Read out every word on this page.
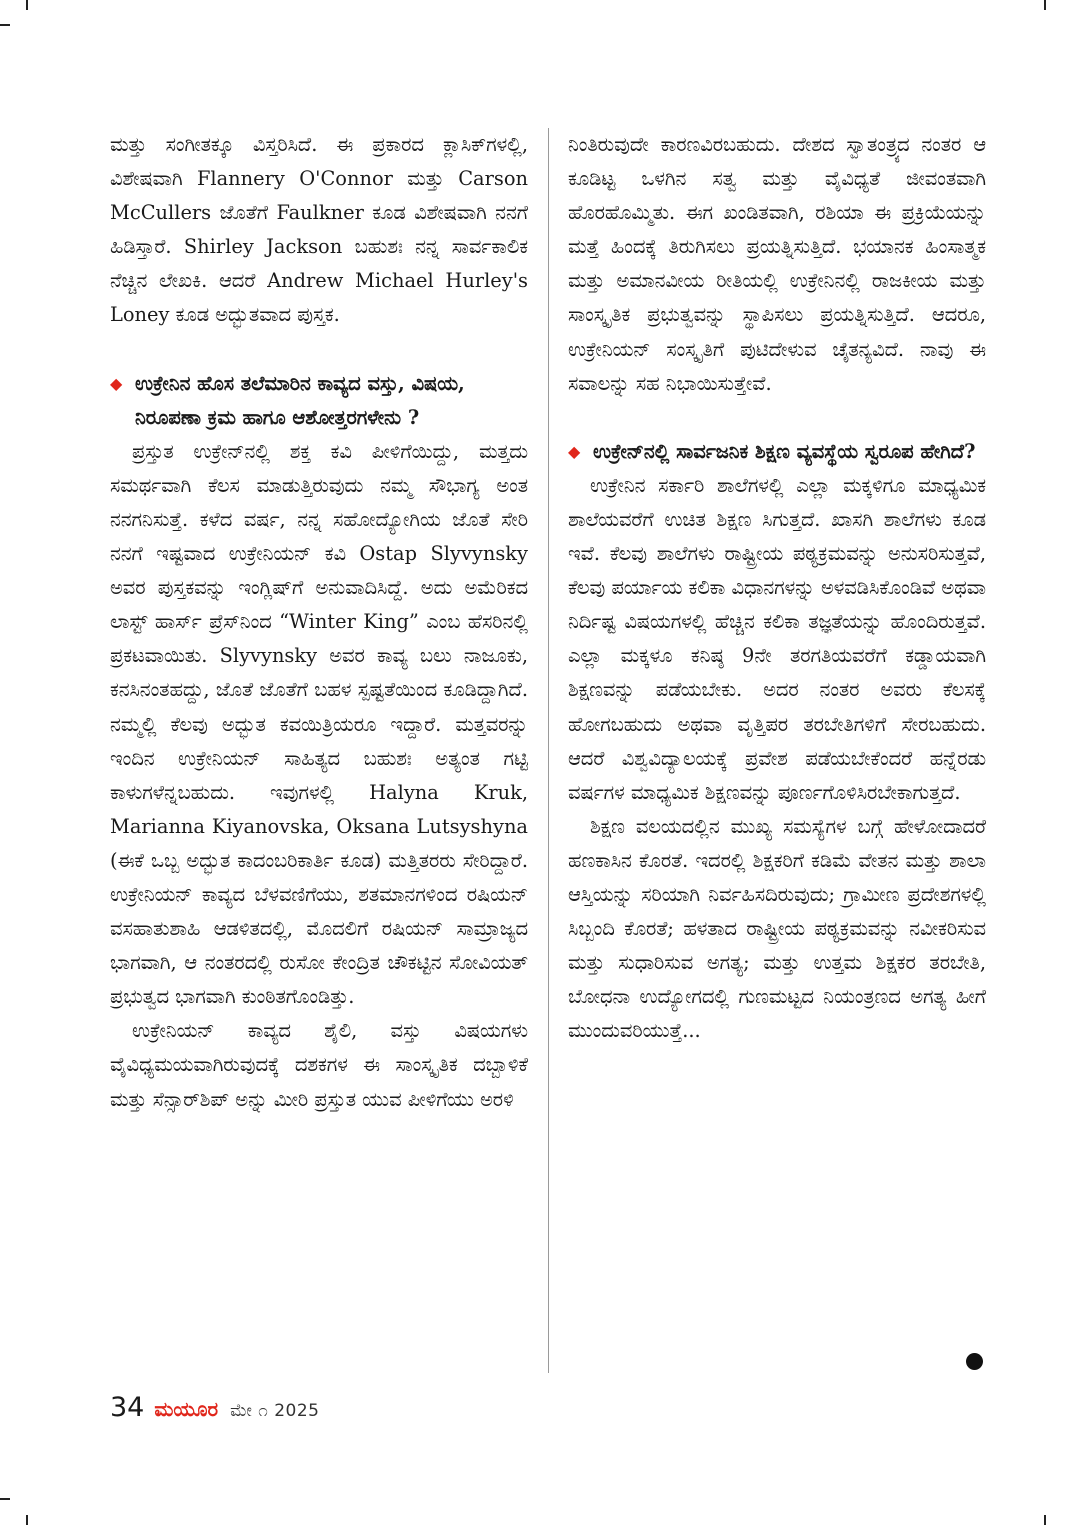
ಮತ್ತು ಸಂಗೀತಕ್ಕೂ ವಿಸ್ತರಿಸಿದೆ. ಈ ಪ್ರಕಾರದ ಕ್ಲಾಸಿಕ್‌ಗಳಲ್ಲಿ, ವಿಶೇಷವಾಗಿ Flannery O'Connor ಮತ್ತು Carson McCullers ಜೊತೆಗೆ Faulkner ಕೂಡ ವಿಶೇಷವಾಗಿ ನನಗೆ ಹಿಡಿಸ್ತಾರೆ. Shirley Jackson ಬಹುಶಃ ನನ್ನ ಸಾರ್ವಕಾಲಿಕ ನೆಚ್ಚಿನ ಲೇಖಕಿ. ಆದರೆ Andrew Michael Hurley's Loney ಕೂಡ ಅದ್ಭುತವಾದ ಪುಸ್ತಕ.

◆ ಉಕ್ರೇನಿನ ಹೊಸ ತಲೆಮಾರಿನ ಕಾವ್ಯದ ವಸ್ತು, ವಿಷಯ, ನಿರೂಪಣಾ ಕ್ರಮ ಹಾಗೂ ಆಶೋತ್ತರಗಳೇನು ?

ಪ್ರಸ್ತುತ ಉಕ್ರೇನ್‌ನಲ್ಲಿ ಶಕ್ತ ಕವಿ ಪೀಳಿಗೆಯಿದ್ದು, ಮತ್ತದು ಸಮರ್ಥವಾಗಿ ಕೆಲಸ ಮಾಡುತ್ತಿರುವುದು ನಮ್ಮ ಸೌಭಾಗ್ಯ ಅಂತ ನನಗನಿಸುತ್ತೆ. ಕಳೆದ ವರ್ಷ, ನನ್ನ ಸಹೋದ್ಯೋಗಿಯ ಜೊತೆ ಸೇರಿ ನನಗೆ ಇಷ್ಟವಾದ ಉಕ್ರೇನಿಯನ್ ಕವಿ Ostap Slyvynsky ಅವರ ಪುಸ್ತಕವನ್ನು ಇಂಗ್ಲಿಷ್‌ಗೆ ಅನುವಾದಿಸಿದ್ದೆ. ಅದು ಅಮೆರಿಕದ ಲಾಸ್ಟ್ ಹಾರ್ಸ್ ಪ್ರೆಸ್‌ನಿಂದ “Winter King” ಎಂಬ ಹೆಸರಿನಲ್ಲಿ ಪ್ರಕಟವಾಯಿತು. Slyvynsky ಅವರ ಕಾವ್ಯ ಬಲು ನಾಜೂಕು, ಕನಸಿನಂತಹದ್ದು, ಜೊತೆ ಜೊತೆಗೆ ಬಹಳ ಸ್ಪಷ್ಟತೆಯಿಂದ ಕೂಡಿದ್ದಾಗಿದೆ. ನಮ್ಮಲ್ಲಿ ಕೆಲವು ಅದ್ಭುತ ಕವಯಿತ್ರಿಯರೂ ಇದ್ದಾರೆ. ಮತ್ತವರನ್ನು ಇಂದಿನ ಉಕ್ರೇನಿಯನ್ ಸಾಹಿತ್ಯದ ಬಹುಶಃ ಅತ್ಯಂತ ಗಟ್ಟಿ ಕಾಳುಗಳೆನ್ನಬಹುದು. ಇವುಗಳಲ್ಲಿ Halyna Kruk, Marianna Kiyanovska, Oksana Lutsyshyna (ಈಕೆ ಒಬ್ಬ ಅದ್ಭುತ ಕಾದಂಬರಿಕಾರ್ತಿ ಕೂಡ) ಮತ್ತಿತರರು ಸೇರಿದ್ದಾರೆ. ಉಕ್ರೇನಿಯನ್ ಕಾವ್ಯದ ಬೆಳವಣಿಗೆಯು, ಶತಮಾನಗಳಿಂದ ರಷಿಯನ್ ವಸಹಾತುಶಾಹಿ ಆಡಳಿತದಲ್ಲಿ, ಮೊದಲಿಗೆ ರಷಿಯನ್ ಸಾಮ್ರಾಜ್ಯದ ಭಾಗವಾಗಿ, ಆ ನಂತರದಲ್ಲಿ ರುಸೋ ಕೇಂದ್ರಿತ ಚೌಕಟ್ಟಿನ ಸೋವಿಯತ್ ಪ್ರಭುತ್ವದ ಭಾಗವಾಗಿ ಕುಂಠಿತಗೊಂಡಿತ್ತು.

ಉಕ್ರೇನಿಯನ್ ಕಾವ್ಯದ ಶೈಲಿ, ವಸ್ತು ವಿಷಯಗಳು ವೈವಿಧ್ಯಮಯವಾಗಿರುವುದಕ್ಕೆ ದಶಕಗಳ ಈ ಸಾಂಸ್ಕೃತಿಕ ದಬ್ಬಾಳಿಕೆ ಮತ್ತು ಸೆನ್ಸಾರ್‌ಶಿಪ್ ಅನ್ನು ಮೀರಿ ಪ್ರಸ್ತುತ ಯುವ ಪೀಳಿಗೆಯು ಅರಳಿ

ನಿಂತಿರುವುದೇ ಕಾರಣವಿರಬಹುದು. ದೇಶದ ಸ್ವಾತಂತ್ರ್ಯದ ನಂತರ ಆ ಕೂಡಿಟ್ಟ ಒಳಗಿನ ಸತ್ವ ಮತ್ತು ವೈವಿಧ್ಯತೆ ಜೀವಂತವಾಗಿ ಹೊರಹೊಮ್ಮಿತು. ಈಗ ಖಂಡಿತವಾಗಿ, ರಶಿಯಾ ಈ ಪ್ರಕ್ರಿಯೆಯನ್ನು ಮತ್ತೆ ಹಿಂದಕ್ಕೆ ತಿರುಗಿಸಲು ಪ್ರಯತ್ನಿಸುತ್ತಿದೆ. ಭಯಾನಕ ಹಿಂಸಾತ್ಮಕ ಮತ್ತು ಅಮಾನವೀಯ ರೀತಿಯಲ್ಲಿ ಉಕ್ರೇನಿನಲ್ಲಿ ರಾಜಕೀಯ ಮತ್ತು ಸಾಂಸ್ಕೃತಿಕ ಪ್ರಭುತ್ವವನ್ನು ಸ್ಥಾಪಿಸಲು ಪ್ರಯತ್ನಿಸುತ್ತಿದೆ. ಆದರೂ, ಉಕ್ರೇನಿಯನ್ ಸಂಸ್ಕೃತಿಗೆ ಪುಟಿದೇಳುವ ಚೈತನ್ಯವಿದೆ. ನಾವು ಈ ಸವಾಲನ್ನು ಸಹ ನಿಭಾಯಿಸುತ್ತೇವೆ.

◆ ಉಕ್ರೇನ್‌ನಲ್ಲಿ ಸಾರ್ವಜನಿಕ ಶಿಕ್ಷಣ ವ್ಯವಸ್ಥೆಯ ಸ್ವರೂಪ ಹೇಗಿದೆ?

ಉಕ್ರೇನಿನ ಸರ್ಕಾರಿ ಶಾಲೆಗಳಲ್ಲಿ ಎಲ್ಲಾ ಮಕ್ಕಳಿಗೂ ಮಾಧ್ಯಮಿಕ ಶಾಲೆಯವರೆಗೆ ಉಚಿತ ಶಿಕ್ಷಣ ಸಿಗುತ್ತದೆ. ಖಾಸಗಿ ಶಾಲೆಗಳು ಕೂಡ ಇವೆ. ಕೆಲವು ಶಾಲೆಗಳು ರಾಷ್ಟ್ರೀಯ ಪಠ್ಯಕ್ರಮವನ್ನು ಅನುಸರಿಸುತ್ತವೆ, ಕೆಲವು ಪರ್ಯಾಯ ಕಲಿಕಾ ವಿಧಾನಗಳನ್ನು ಅಳವಡಿಸಿಕೊಂಡಿವೆ ಅಥವಾ ನಿರ್ದಿಷ್ಟ ವಿಷಯಗಳಲ್ಲಿ ಹೆಚ್ಚಿನ ಕಲಿಕಾ ತಜ್ಞತೆಯನ್ನು ಹೊಂದಿರುತ್ತವೆ. ಎಲ್ಲಾ ಮಕ್ಕಳೂ ಕನಿಷ್ಠ 9ನೇ ತರಗತಿಯವರೆಗೆ ಕಡ್ಡಾಯವಾಗಿ ಶಿಕ್ಷಣವನ್ನು ಪಡೆಯಬೇಕು. ಅದರ ನಂತರ ಅವರು ಕೆಲಸಕ್ಕೆ ಹೋಗಬಹುದು ಅಥವಾ ವೃತ್ತಿಪರ ತರಬೇತಿಗಳಿಗೆ ಸೇರಬಹುದು. ಆದರೆ ವಿಶ್ವವಿದ್ಯಾಲಯಕ್ಕೆ ಪ್ರವೇಶ ಪಡೆಯಬೇಕೆಂದರೆ ಹನ್ನೆರಡು ವರ್ಷಗಳ ಮಾಧ್ಯಮಿಕ ಶಿಕ್ಷಣವನ್ನು ಪೂರ್ಣಗೊಳಿಸಿರಬೇಕಾಗುತ್ತದೆ.

ಶಿಕ್ಷಣ ವಲಯದಲ್ಲಿನ ಮುಖ್ಯ ಸಮಸ್ಯೆಗಳ ಬಗ್ಗೆ ಹೇಳೋದಾದರೆ ಹಣಕಾಸಿನ ಕೊರತೆ. ಇದರಲ್ಲಿ ಶಿಕ್ಷಕರಿಗೆ ಕಡಿಮೆ ವೇತನ ಮತ್ತು ಶಾಲಾ ಆಸ್ತಿಯನ್ನು ಸರಿಯಾಗಿ ನಿರ್ವಹಿಸದಿರುವುದು; ಗ್ರಾಮೀಣ ಪ್ರದೇಶಗಳಲ್ಲಿ ಸಿಬ್ಬಂದಿ ಕೊರತೆ; ಹಳತಾದ ರಾಷ್ಟ್ರೀಯ ಪಠ್ಯಕ್ರಮವನ್ನು ನವೀಕರಿಸುವ ಮತ್ತು ಸುಧಾರಿಸುವ ಅಗತ್ಯ; ಮತ್ತು ಉತ್ತಮ ಶಿಕ್ಷಕರ ತರಬೇತಿ, ಬೋಧನಾ ಉದ್ಯೋಗದಲ್ಲಿ ಗುಣಮಟ್ಟದ ನಿಯಂತ್ರಣದ ಅಗತ್ಯ ಹೀಗೆ ಮುಂದುವರಿಯುತ್ತೆ...

34 ಮಯೂರ ಮೇ ೧ 2025
